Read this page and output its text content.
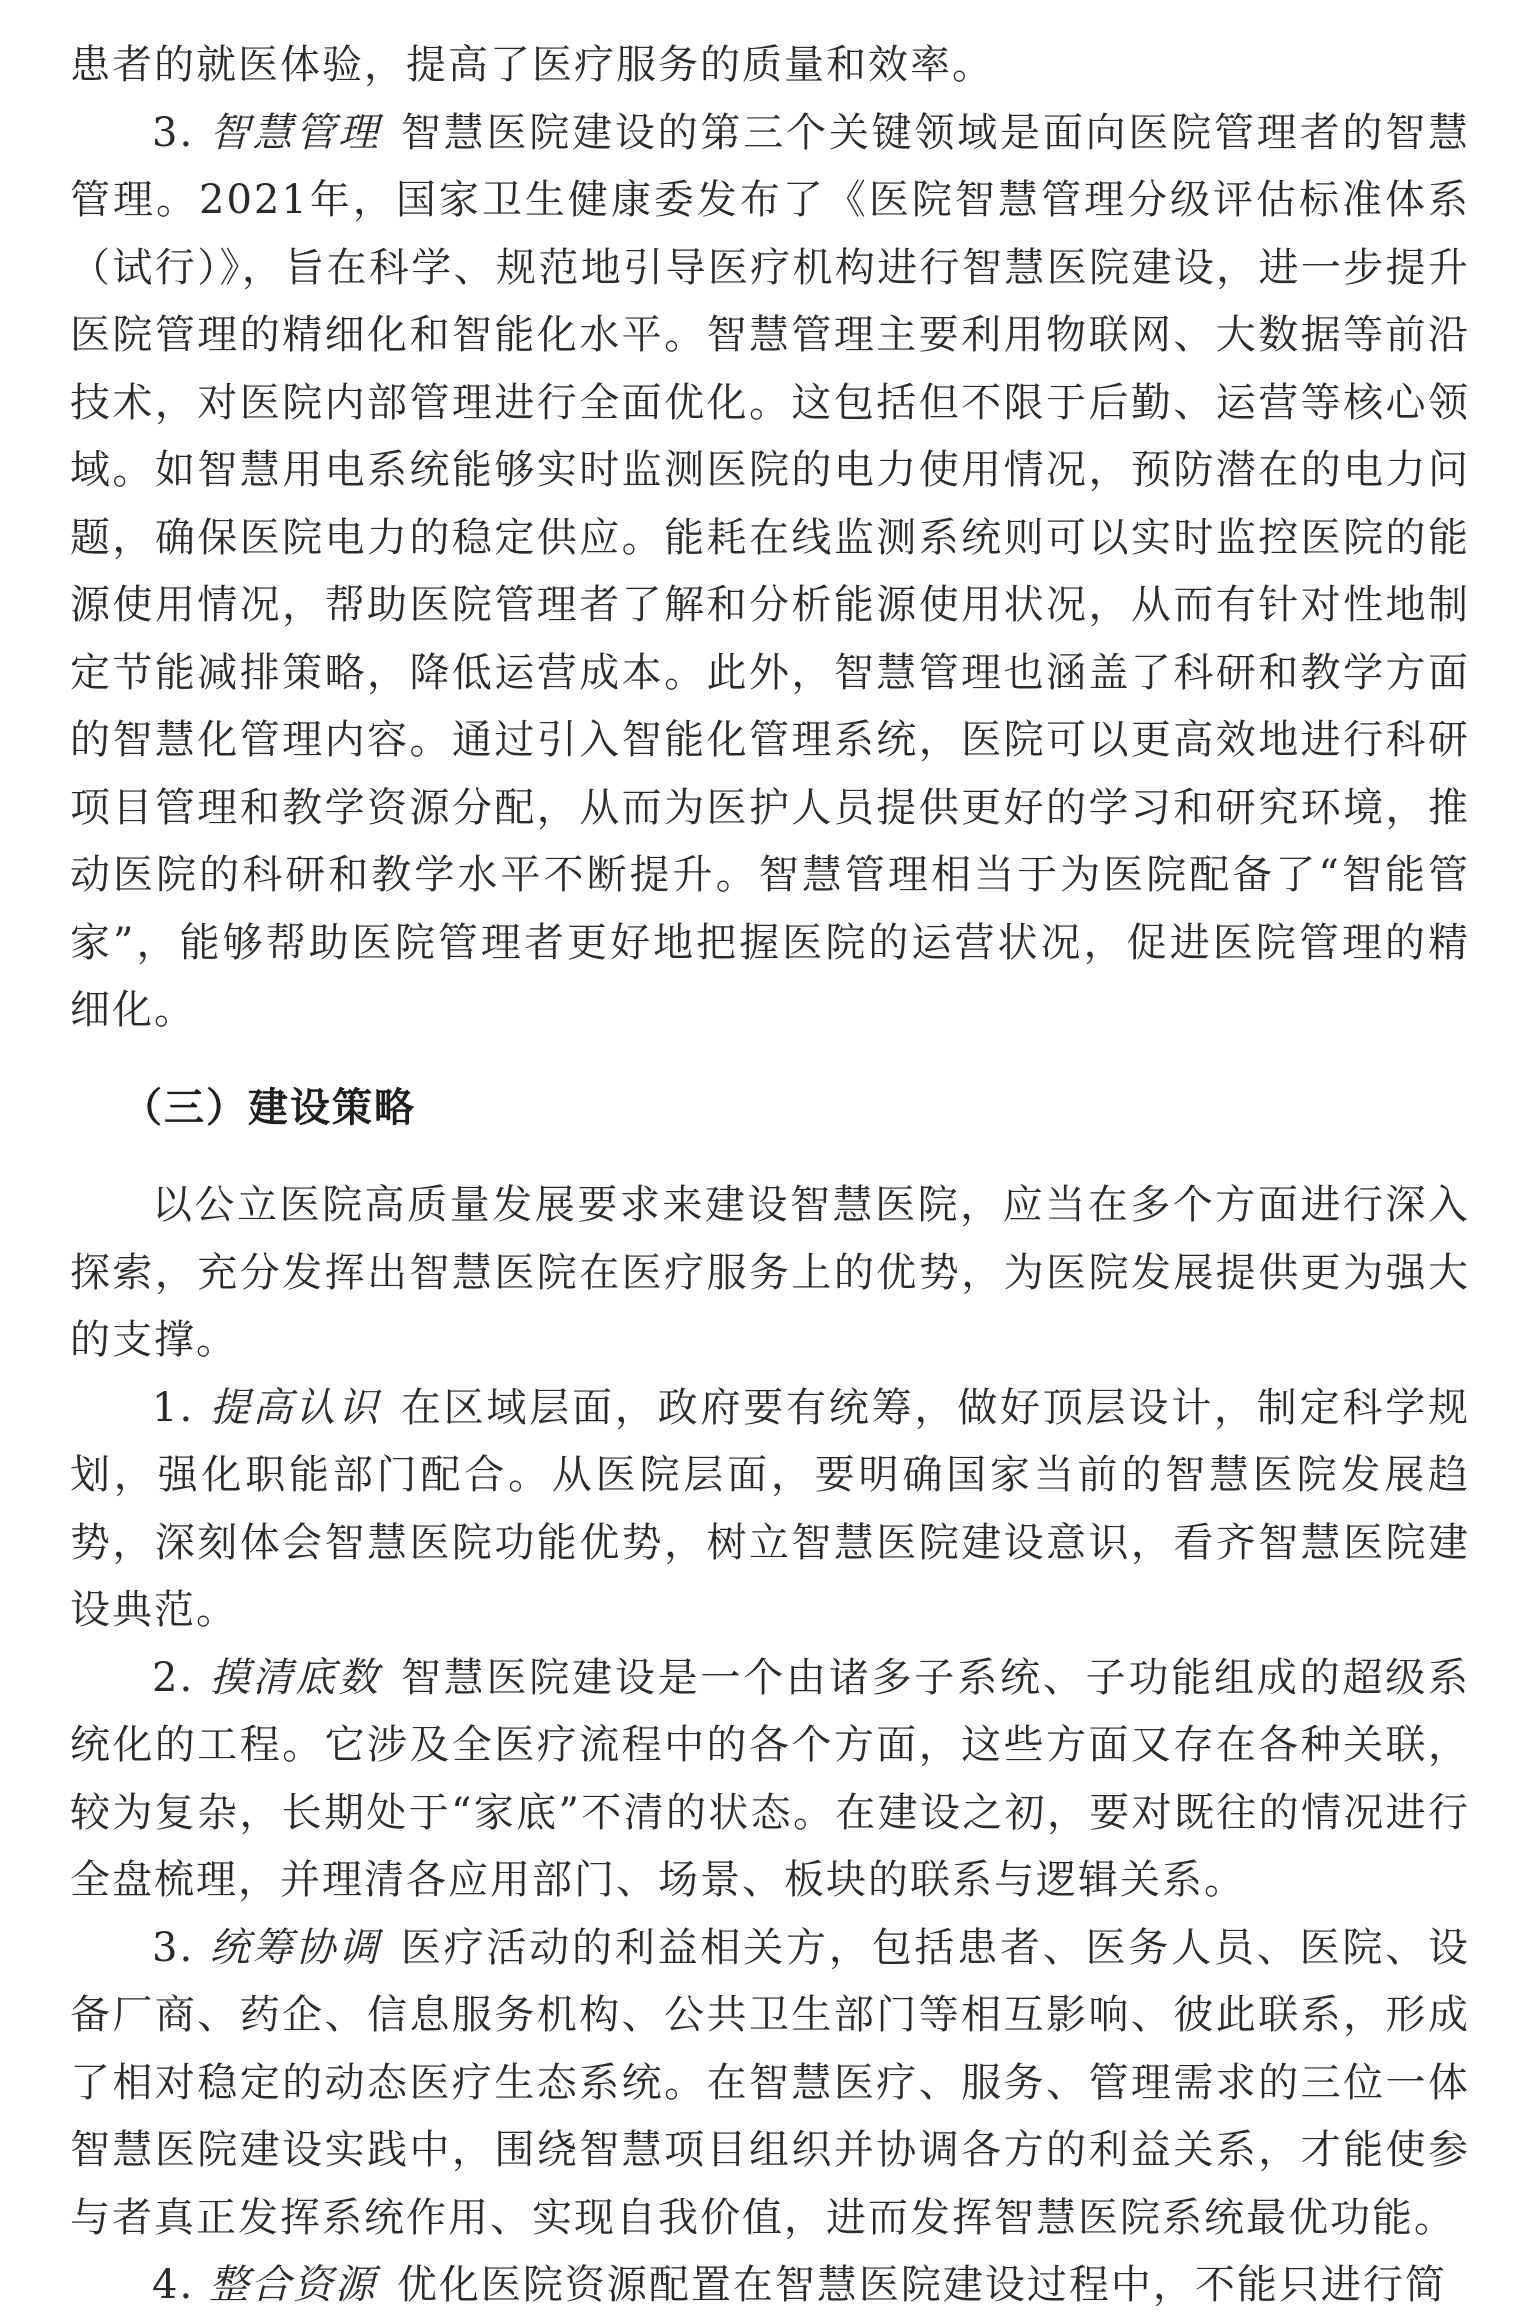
患者的就医体验，提高了医疗服务的质量和效率。

3. 智慧管理 智慧医院建设的第三个关键领域是面向医院管理者的智慧管理。2021年，国家卫生健康委发布了《医院智慧管理分级评估标准体系（试行）》，旨在科学、规范地引导医疗机构进行智慧医院建设，进一步提升医院管理的精细化和智能化水平。智慧管理主要利用物联网、大数据等前沿技术，对医院内部管理进行全面优化。这包括但不限于后勤、运营等核心领域。如智慧用电系统能够实时监测医院的电力使用情况，预防潜在的电力问题，确保医院电力的稳定供应。能耗在线监测系统则可以实时监控医院的能源使用情况，帮助医院管理者了解和分析能源使用状况，从而有针对性地制定节能减排策略，降低运营成本。此外，智慧管理也涵盖了科研和教学方面的智慧化管理内容。通过引入智能化管理系统，医院可以更高效地进行科研项目管理和教学资源分配，从而为医护人员提供更好的学习和研究环境，推动医院的科研和教学水平不断提升。智慧管理相当于为医院配备了“智能管家”，能够帮助医院管理者更好地把握医院的运营状况，促进医院管理的精细化。

（三）建设策略

以公立医院高质量发展要求来建设智慧医院，应当在多个方面进行深入探索，充分发挥出智慧医院在医疗服务上的优势，为医院发展提供更为强大的支撑。

1. 提高认识 在区域层面，政府要有统筹，做好顶层设计，制定科学规划，强化职能部门配合。从医院层面，要明确国家当前的智慧医院发展趋势，深刻体会智慧医院功能优势，树立智慧医院建设意识，看齐智慧医院建设典范。

2. 摸清底数 智慧医院建设是一个由诸多子系统、子功能组成的超级系统化的工程。它涉及全医疗流程中的各个方面，这些方面又存在各种关联，较为复杂，长期处于“家底”不清的状态。在建设之初，要对既往的情况进行全盘梳理，并理清各应用部门、场景、板块的联系与逻辑关系。

3. 统筹协调 医疗活动的利益相关方，包括患者、医务人员、医院、设备厂商、药企、信息服务机构、公共卫生部门等相互影响、彼此联系，形成了相对稳定的动态医疗生态系统。在智慧医疗、服务、管理需求的三位一体智慧医院建设实践中，围绕智慧项目组织并协调各方的利益关系，才能使参与者真正发挥系统作用、实现自我价值，进而发挥智慧医院系统最优功能。

4. 整合资源 优化医院资源配置在智慧医院建设过程中，不能只进行简
